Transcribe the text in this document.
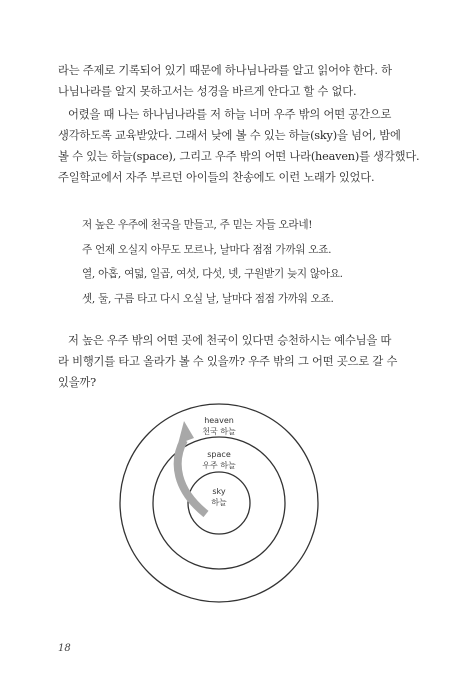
라는 주제로 기록되어 있기 때문에 하나님나라를 알고 읽어야 한다. 하
나님나라를 알지 못하고서는 성경을 바르게 안다고 할 수 없다.
어렸을 때 나는 하나님나라를 저 하늘 너머 우주 밖의 어떤 공간으로
생각하도록 교육받았다. 그래서 낮에 볼 수 있는 하늘(sky)을 넘어, 밤에
볼 수 있는 하늘(space), 그리고 우주 밖의 어떤 나라(heaven)를 생각했다.
주일학교에서 자주 부르던 아이들의 찬송에도 이런 노래가 있었다.
저 높은 우주에 천국을 만들고, 주 믿는 자들 오라네!
주 언제 오실지 아무도 모르나, 날마다 점점 가까워 오죠.
열, 아홉, 여덟, 일곱, 여섯, 다섯, 넷, 구원받기 늦지 않아요.
셋, 둘, 구름 타고 다시 오실 날, 날마다 점점 가까워 오죠.
저 높은 우주 밖의 어떤 곳에 천국이 있다면 승천하시는 예수님을 따
라 비행기를 타고 올라가 볼 수 있을까? 우주 밖의 그 어떤 곳으로 갈 수
있을까?
heaven
천국 하늘
space
우주 하늘
sky
하늘
18
